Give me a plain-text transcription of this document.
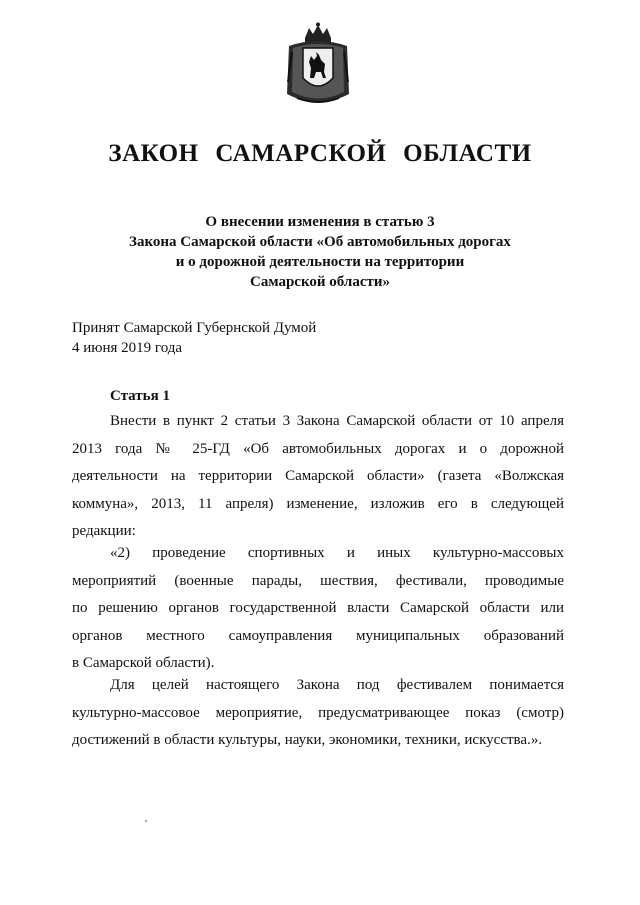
ЗАКОН САМАРСКОЙ ОБЛАСТИ
О внесении изменения в статью 3
Закона Самарской области «Об автомобильных дорогах
и о дорожной деятельности на территории
Самарской области»
Принят Самарской Губернской Думой
4 июня 2019 года
Статья 1
Внести в пункт 2 статьи 3 Закона Самарской области от 10 апреля
2013 года № 25-ГД «Об автомобильных дорогах и о дорожной
деятельности на территории Самарской области» (газета «Волжская
коммуна», 2013, 11 апреля) изменение, изложив его в следующей
редакции:
«2) проведение спортивных и иных культурно-массовых
мероприятий (военные парады, шествия, фестивали, проводимые
по решению органов государственной власти Самарской области или
органов местного самоуправления муниципальных образований
в Самарской области).
Для целей настоящего Закона под фестивалем понимается
культурно-массовое мероприятие, предусматривающее показ (смотр)
достижений в области культуры, науки, экономики, техники, искусства.».
